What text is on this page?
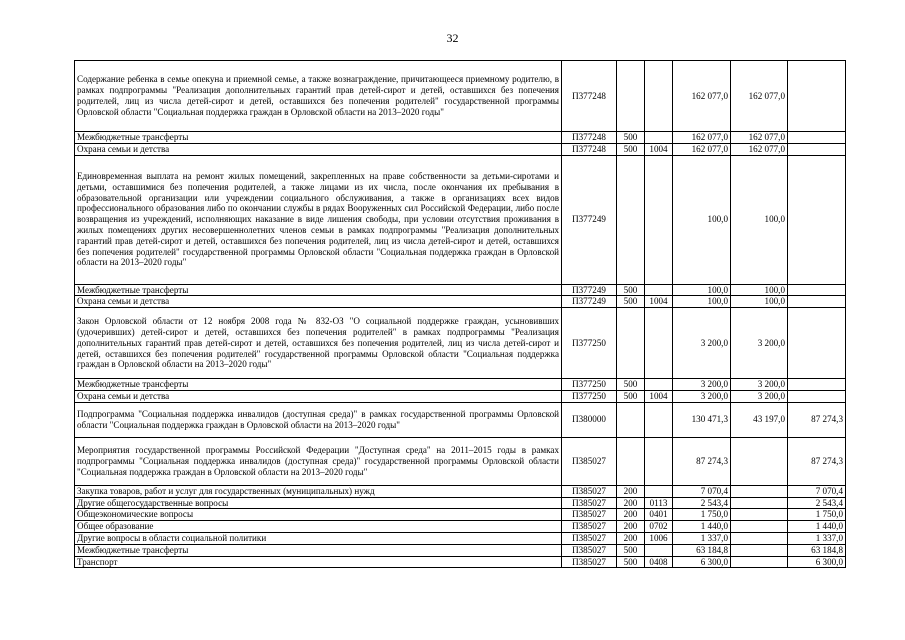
32
Содержание ребенка в семье опекуна и приемной семье, а также вознаграждение, причитающееся приемному родителю, в рамках подпрограммы "Реализация дополнительных гарантий прав детей-сирот и детей, оставшихся без попечения родителей, лиц из числа детей-сирот и детей, оставшихся без попечения родителей" государственной программы Орловской области "Социальная поддержка граждан в Орловской области на 2013–2020 годы"	П377248			162 077,0	162 077,0	
Межбюджетные трансферты	П377248	500		162 077,0	162 077,0	
Охрана семьи и детства	П377248	500	1004	162 077,0	162 077,0	
Единовременная выплата на ремонт жилых помещений, закрепленных на праве собственности за детьми-сиротами и детьми, оставшимися без попечения родителей, а также лицами из их числа, после окончания их пребывания в образовательной организации или учреждении социального обслуживания, а также в организациях всех видов профессионального образования либо по окончании службы в рядах Вооруженных сил Российской Федерации, либо после возвращения из учреждений, исполняющих наказание в виде лишения свободы, при условии отсутствия проживания в жилых помещениях других несовершеннолетних членов семьи в рамках подпрограммы "Реализация дополнительных гарантий прав детей-сирот и детей, оставшихся без попечения родителей, лиц из числа детей-сирот и детей, оставшихся без попечения родителей" государственной программы Орловской области "Социальная поддержка граждан в Орловской области на 2013–2020 годы"	П377249			100,0	100,0	
Межбюджетные трансферты	П377249	500		100,0	100,0	
Охрана семьи и детства	П377249	500	1004	100,0	100,0	
Закон Орловской области от 12 ноября 2008 года № 832-ОЗ "О социальной поддержке граждан, усыновивших (удочеривших) детей-сирот и детей, оставшихся без попечения родителей" в рамках подпрограммы "Реализация дополнительных гарантий прав детей-сирот и детей, оставшихся без попечения родителей, лиц из числа детей-сирот и детей, оставшихся без попечения родителей" государственной программы Орловской области "Социальная поддержка граждан в Орловской области на 2013–2020 годы"	П377250			3 200,0	3 200,0	
Межбюджетные трансферты	П377250	500		3 200,0	3 200,0	
Охрана семьи и детства	П377250	500	1004	3 200,0	3 200,0	
Подпрограмма "Социальная поддержка инвалидов (доступная среда)" в рамках государственной программы Орловской области "Социальная поддержка граждан в Орловской области на 2013–2020 годы"	П380000			130 471,3	43 197,0	87 274,3
Мероприятия государственной программы Российской Федерации "Доступная среда" на 2011–2015 годы в рамках подпрограммы "Социальная поддержка инвалидов (доступная среда)" государственной программы Орловской области "Социальная поддержка граждан в Орловской области на 2013–2020 годы"	П385027			87 274,3		87 274,3
Закупка товаров, работ и услуг для государственных (муниципальных) нужд	П385027	200		7 070,4		7 070,4
Другие общегосударственные вопросы	П385027	200	0113	2 543,4		2 543,4
Общеэкономические вопросы	П385027	200	0401	1 750,0		1 750,0
Общее образование	П385027	200	0702	1 440,0		1 440,0
Другие вопросы в области социальной политики	П385027	200	1006	1 337,0		1 337,0
Межбюджетные трансферты	П385027	500		63 184,8		63 184,8
Транспорт	П385027	500	0408	6 300,0		6 300,0
